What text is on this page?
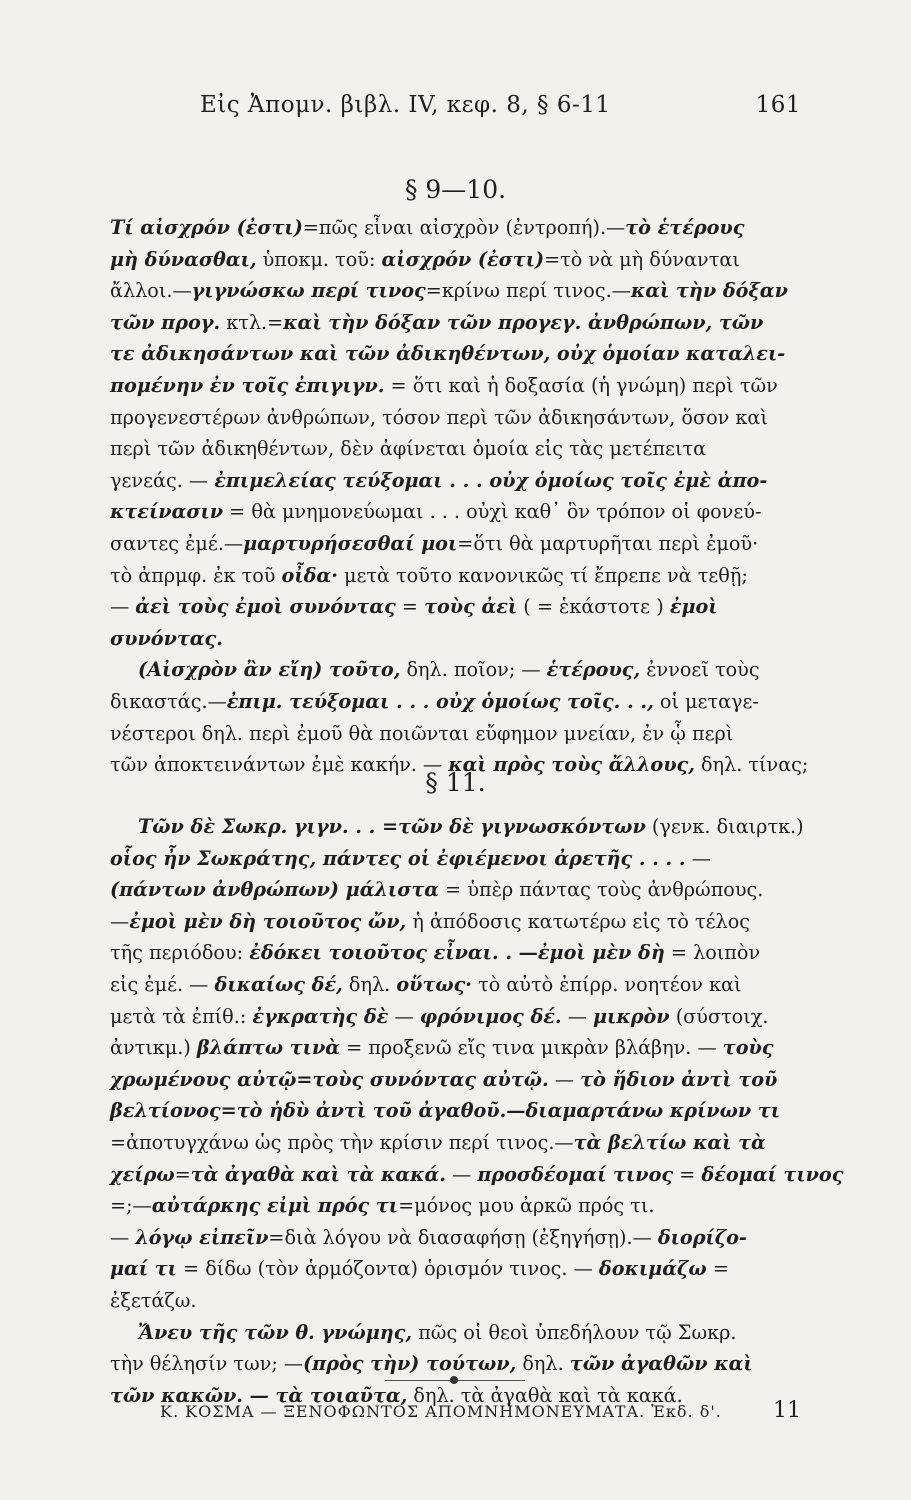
Εἰς Ἀπομν. βιβλ. IV, κεφ. 8, § 6-11	161
§ 9—10.
Τί αἰσχρόν (ἐστι)=πῶς εἶναι αἰσχρὸν (ἐντροπή).—τὸ ἑτέρους
μὴ δύνασθαι, ὑποκμ. τοῦ: αἰσχρόν (ἐστι)=τὸ νὰ μὴ δύνανται
ἄλλοι.—γιγνώσκω περί τινος=κρίνω περί τινος.—καὶ τὴν δόξαν
τῶν προγ. κτλ.=καὶ τὴν δόξαν τῶν προγεγ. ἀνθρώπων, τῶν
τε ἀδικησάντων καὶ τῶν ἀδικηθέντων, οὐχ ὁμοίαν καταλει-
πομένην ἐν τοῖς ἐπιγιγν. = ὅτι καὶ ἡ δοξασία (ἡ γνώμη) περὶ τῶν
προγενεστέρων ἀνθρώπων, τόσον περὶ τῶν ἀδικησάντων, ὅσον καὶ
περὶ τῶν ἀδικηθέντων, δὲν ἀφίνεται ὁμοία εἰς τὰς μετέπειτα
γενεάς. — ἐπιμελείας τεύξομαι . . . οὐχ ὁμοίως τοῖς ἐμὲ ἀπο-
κτείνασιν = θὰ μνημονεύωμαι . . . οὐχὶ καθ᾽ ὃν τρόπον οἱ φονεύ-
σαντες ἐμέ.—μαρτυρήσεσθαί μοι=ὅτι θὰ μαρτυρῆται περὶ ἐμοῦ·
τὸ ἀπρμφ. ἐκ τοῦ οἶδα· μετὰ τοῦτο κανονικῶς τί ἔπρεπε νὰ τεθῇ;
— ἀεὶ τοὺς ἐμοὶ συνόντας = τοὺς ἀεὶ ( = ἑκάστοτε ) ἐμοὶ
συνόντας.
(Αἰσχρὸν ἂν εἴη) τοῦτο, δηλ. ποῖον; — ἑτέρους, ἐννοεῖ τοὺς
δικαστάς.—ἐπιμ. τεύξομαι . . . οὐχ ὁμοίως τοῖς. . ., οἱ μεταγε-
νέστεροι δηλ. περὶ ἐμοῦ θὰ ποιῶνται εὔφημον μνείαν, ἐν ᾧ περὶ
τῶν ἀποκτεινάντων ἐμὲ κακήν. — καὶ πρὸς τοὺς ἄλλους, δηλ. τίνας;
§ 11.
Τῶν δὲ Σωκρ. γιγν. . . =τῶν δὲ γιγνωσκόντων (γενκ. διαιρτκ.)
οἷος ἦν Σωκράτης, πάντες οἱ ἐφιέμενοι ἀρετῆς . . . . —
(πάντων ἀνθρώπων) μάλιστα = ὑπὲρ πάντας τοὺς ἀνθρώπους.
—ἐμοὶ μὲν δὴ τοιοῦτος ὤν, ἡ ἀπόδοσις κατωτέρω εἰς τὸ τέλος
τῆς περιόδου: ἐδόκει τοιοῦτος εἶναι. . —ἐμοὶ μὲν δὴ = λοιπὸν
εἰς ἐμέ. — δικαίως δέ, δηλ. οὕτως· τὸ αὐτὸ ἐπίρρ. νοητέον καὶ
μετὰ τὰ ἐπίθ.: ἐγκρατὴς δὲ — φρόνιμος δέ. — μικρὸν (σύστοιχ.
ἀντικμ.) βλάπτω τινὰ = προξενῶ εἴς τινα μικρὰν βλάβην. — τοὺς
χρωμένους αὐτῷ=τοὺς συνόντας αὐτῷ. — τὸ ἥδιον ἀντὶ τοῦ
βελτίονος=τὸ ἡδὺ ἀντὶ τοῦ ἀγαθοῦ.—διαμαρτάνω κρίνων τι
=ἀποτυγχάνω ὡς πρὸς τὴν κρίσιν περί τινος.—τὰ βελτίω καὶ τὰ
χείρω=τὰ ἀγαθὰ καὶ τὰ κακά. — προσδέομαί τινος = δέομαί τινος
=;—αὐτάρκης εἰμὶ πρός τι=μόνος μου ἀρκῶ πρός τι.
— λόγῳ εἰπεῖν=διὰ λόγου νὰ διασαφήσῃ (ἐξηγήσῃ).— διορίζο-
μαί τι = δίδω (τὸν ἁρμόζοντα) ὁρισμόν τινος. — δοκιμάζω =
ἐξετάζω.
Ἄνευ τῆς τῶν θ. γνώμης, πῶς οἱ θεοὶ ὑπεδήλουν τῷ Σωκρ.
τὴν θέλησίν των; —(πρὸς τὴν) τούτων, δηλ. τῶν ἀγαθῶν καὶ
τῶν κακῶν. — τὰ τοιαῦτα, δηλ. τὰ ἀγαθὰ καὶ τὰ κακά.
Κ. ΚΟΣΜΑ — ΞΕΝΟΦΩΝΤΟΣ ΑΠΟΜΝΗΜΟΝΕΥΜΑΤΑ. Ἐκδ. δ'. 11
